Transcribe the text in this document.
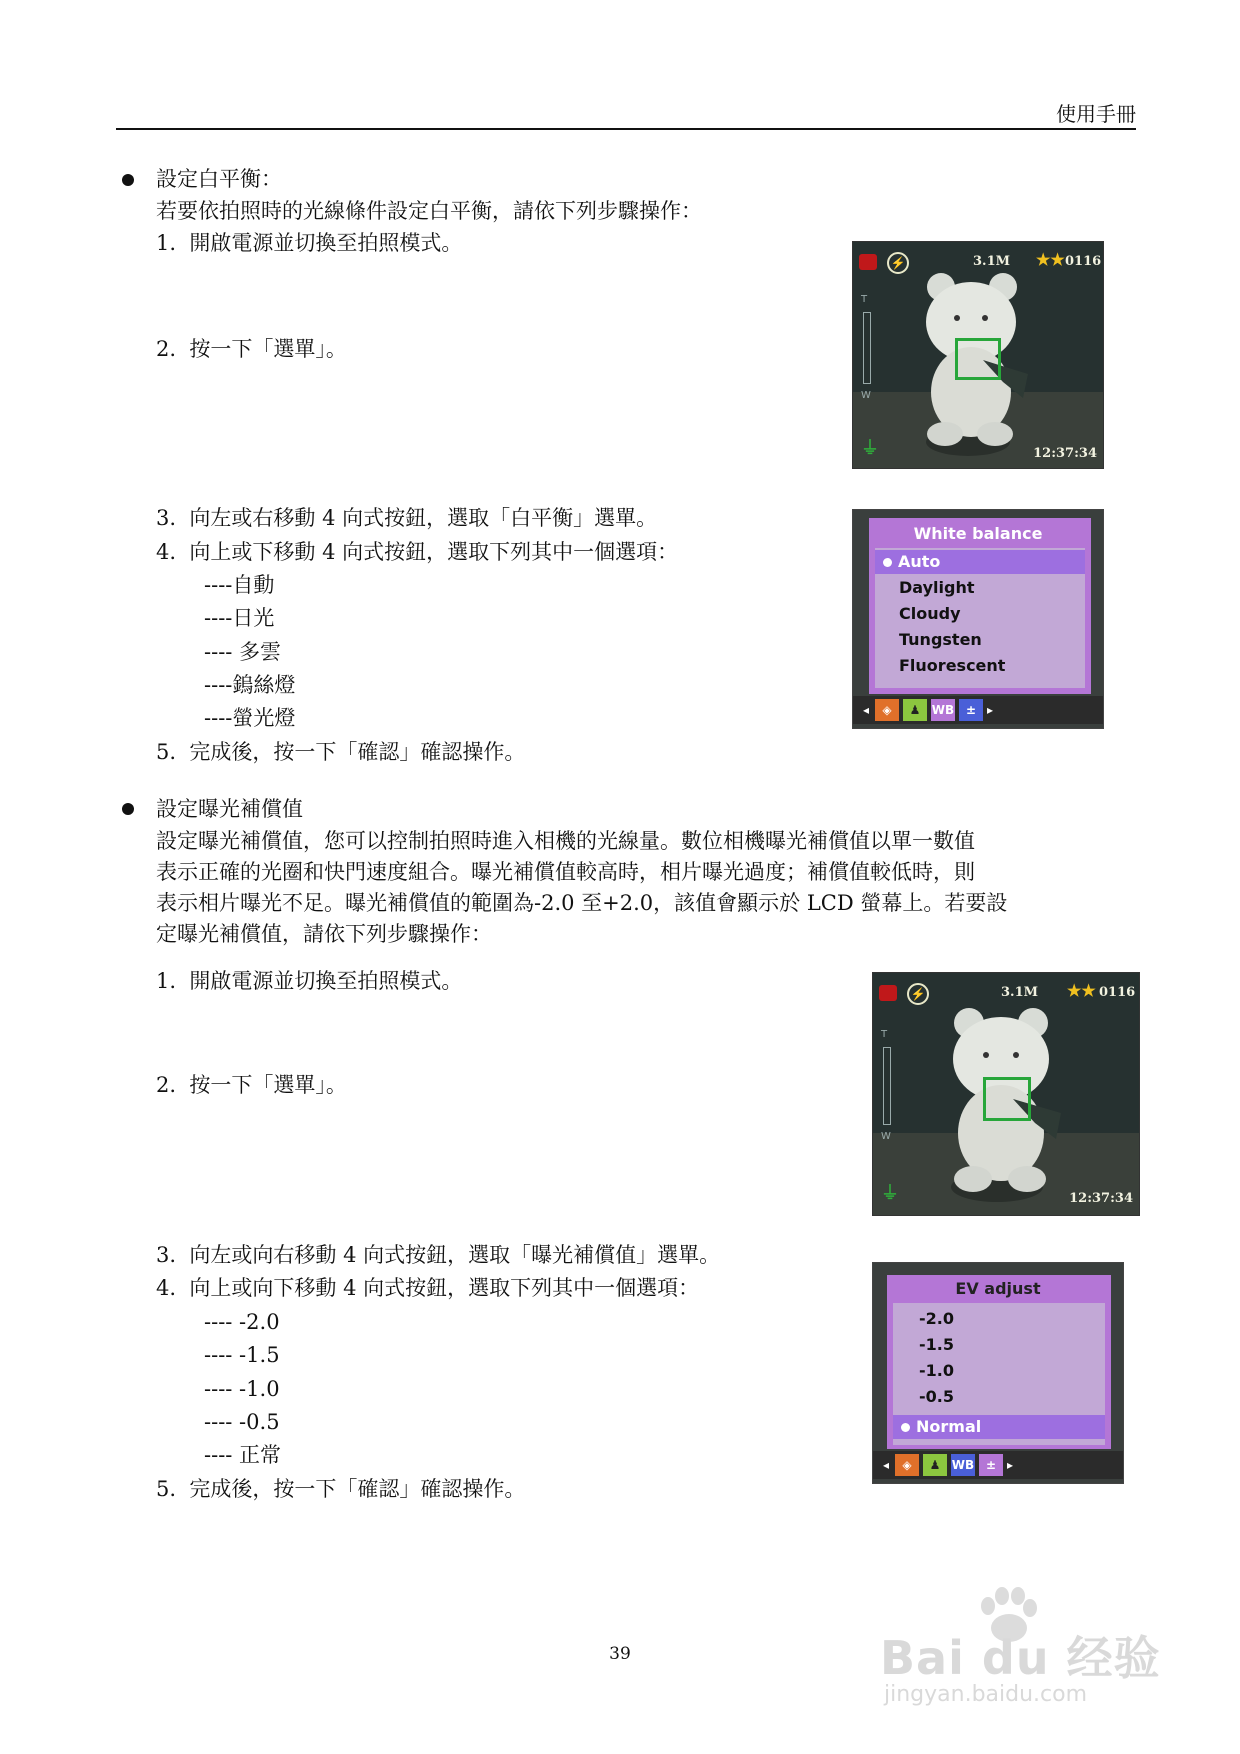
使用手冊
設定白平衡：
若要依拍照時的光線條件設定白平衡，請依下列步驟操作：
1. 開啟電源並切換至拍照模式。
2. 按一下「選單」。
3. 向左或右移動 4 向式按鈕，選取「白平衡」選單。
4. 向上或下移動 4 向式按鈕，選取下列其中一個選項：
----自動
----日光
---- 多雲
----鎢絲燈
----螢光燈
5. 完成後，按一下「確認」確認操作。
⚡	3.1M ★★ 0116
T
W
⏚	12:37:34
White balance
Auto
Daylight
Cloudy
Tungsten
Fluorescent
◂	◈	♟ WB ± ▸
設定曝光補償值
設定曝光補償值，您可以控制拍照時進入相機的光線量。數位相機曝光補償值以單一數值
表示正確的光圈和快門速度組合。曝光補償值較高時，相片曝光過度；補償值較低時，則
表示相片曝光不足。曝光補償值的範圍為-2.0 至+2.0，該值會顯示於 LCD 螢幕上。若要設
定曝光補償值，請依下列步驟操作：
1. 開啟電源並切換至拍照模式。
2. 按一下「選單」。
3. 向左或向右移動 4 向式按鈕，選取「曝光補償值」選單。
4. 向上或向下移動 4 向式按鈕，選取下列其中一個選項：
---- -2.0
---- -1.5
---- -1.0
---- -0.5
---- 正常
5. 完成後，按一下「確認」確認操作。
⚡	3.1M ★★ 0116
T
W
⏚	12:37:34
EV adjust
-2.0
-1.5
-1.0
-0.5
Normal
◂	◈	♟ WB ± ▸
39	Bai du 经验
jingyan.baidu.com
